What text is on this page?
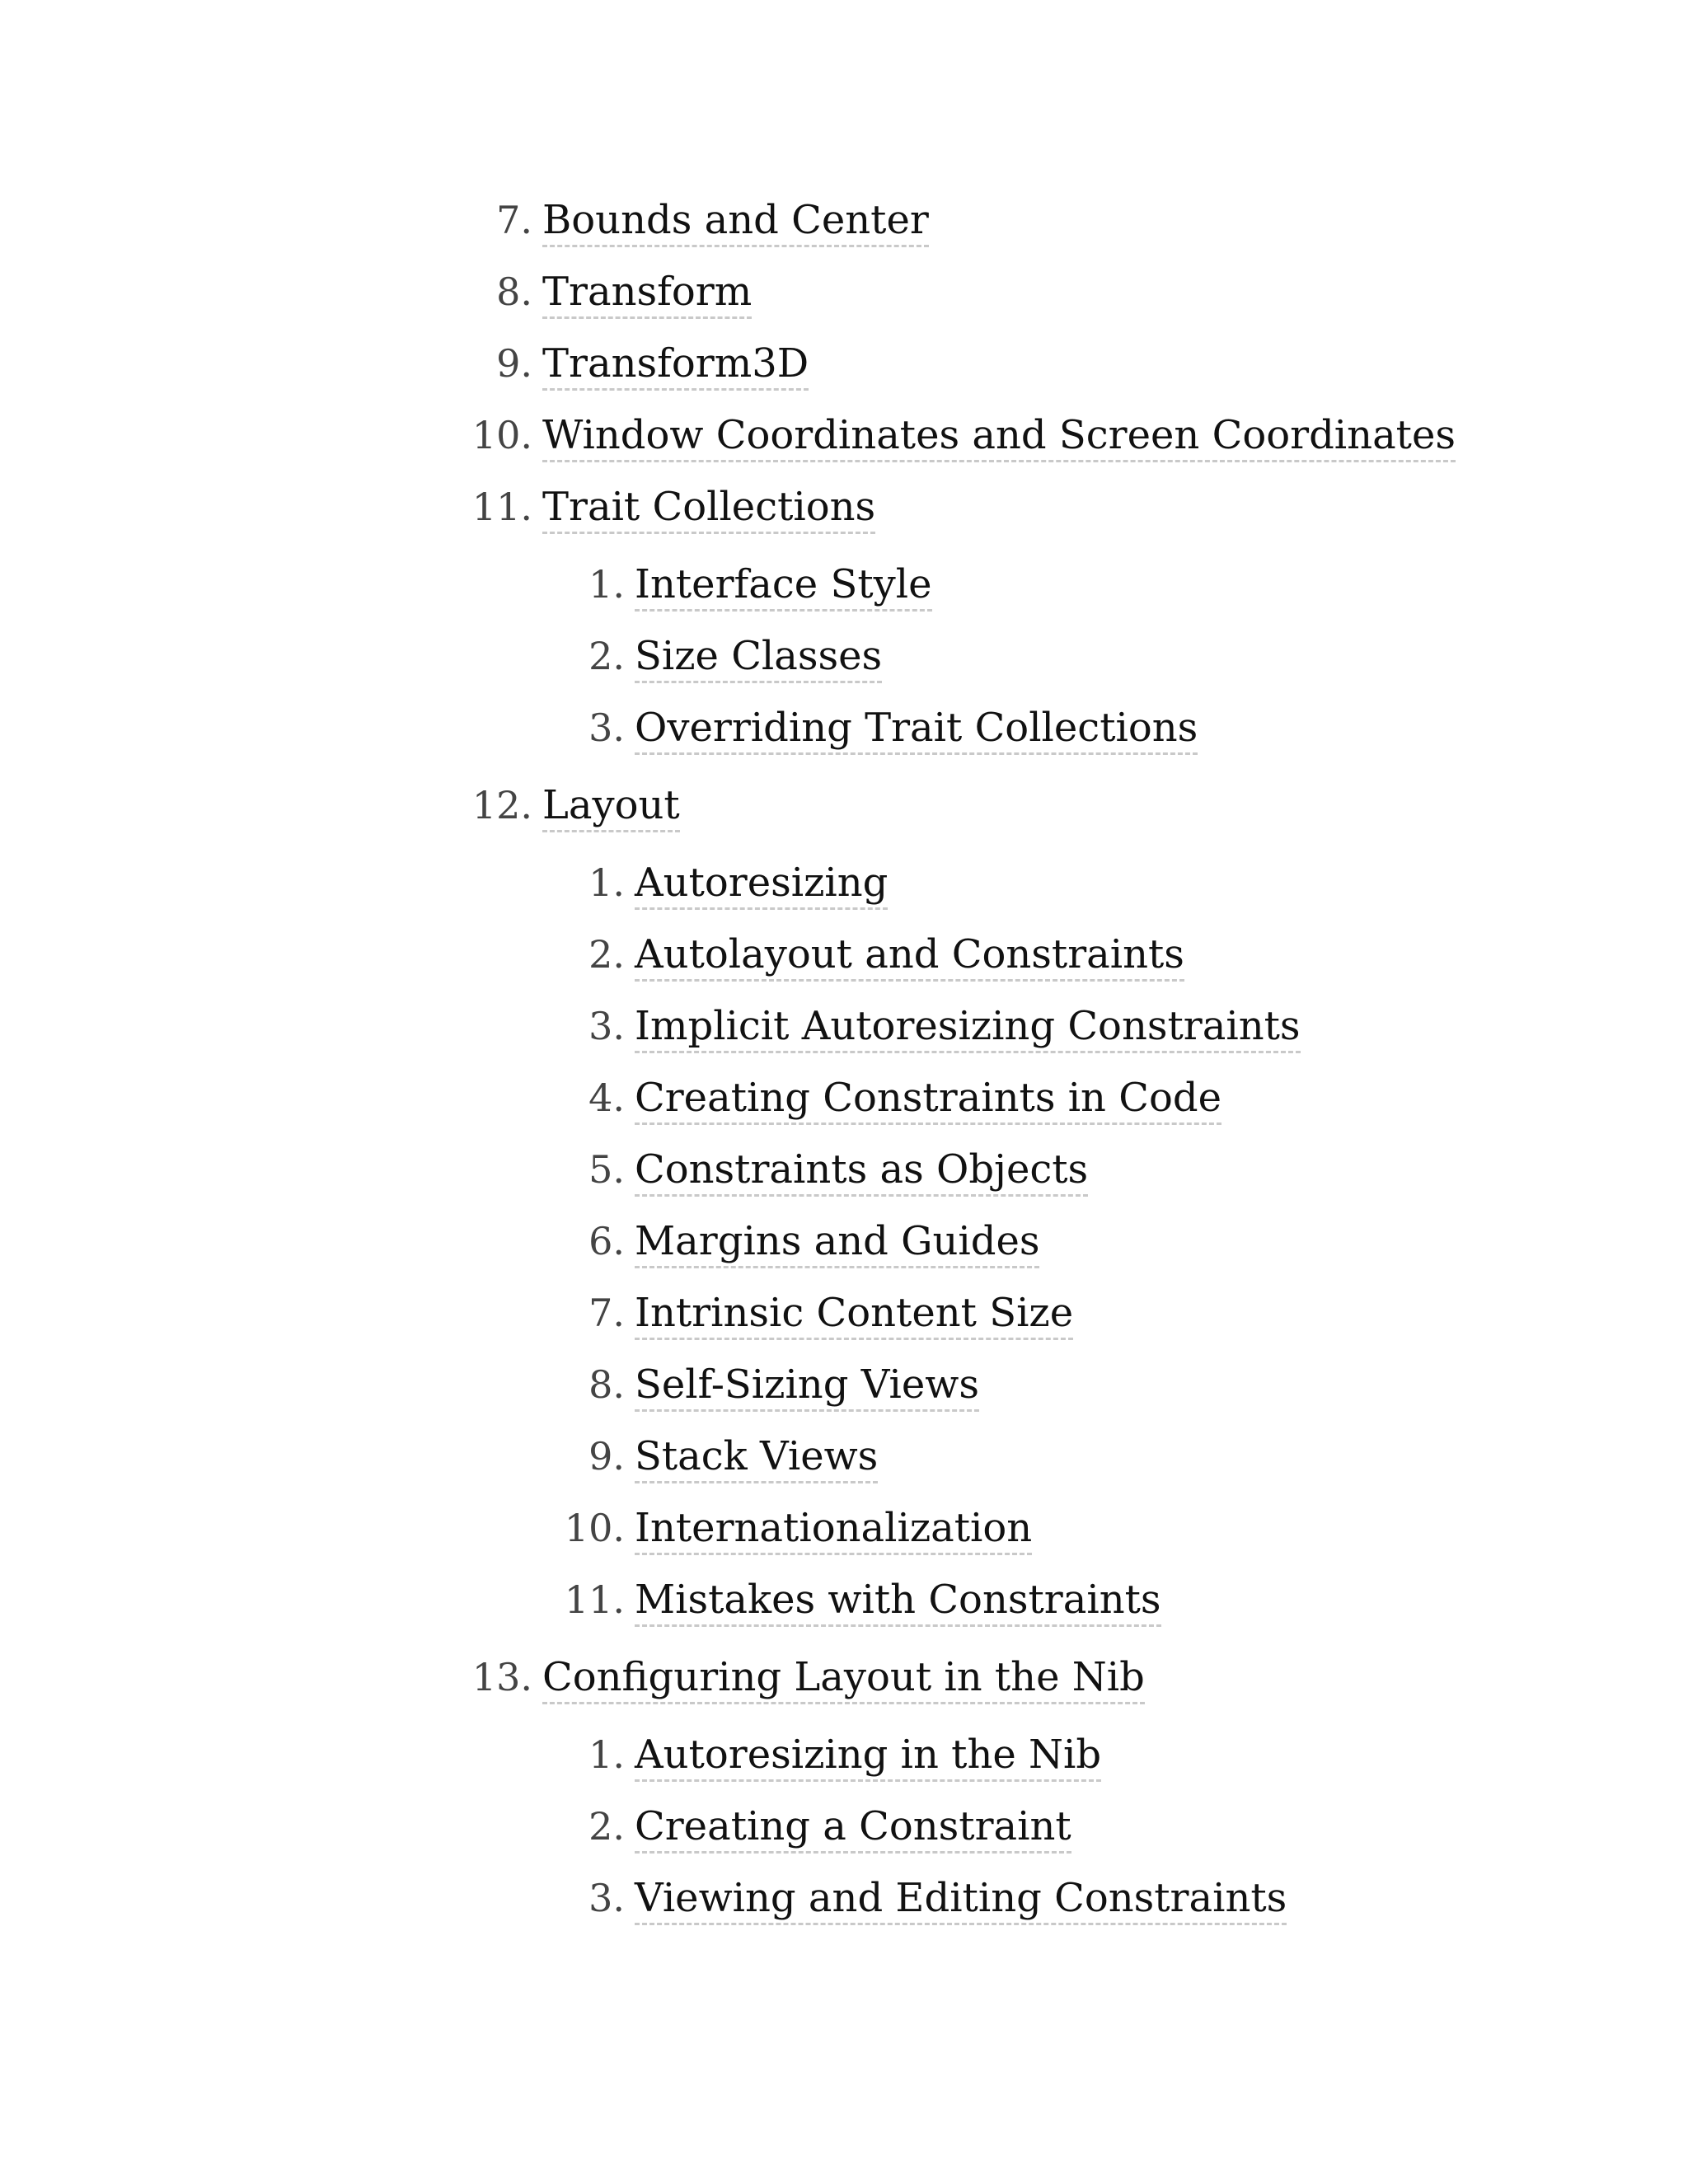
7. Bounds and Center
8. Transform
9. Transform3D
10. Window Coordinates and Screen Coordinates
11. Trait Collections
1. Interface Style
2. Size Classes
3. Overriding Trait Collections
12. Layout
1. Autoresizing
2. Autolayout and Constraints
3. Implicit Autoresizing Constraints
4. Creating Constraints in Code
5. Constraints as Objects
6. Margins and Guides
7. Intrinsic Content Size
8. Self-Sizing Views
9. Stack Views
10. Internationalization
11. Mistakes with Constraints
13. Configuring Layout in the Nib
1. Autoresizing in the Nib
2. Creating a Constraint
3. Viewing and Editing Constraints
